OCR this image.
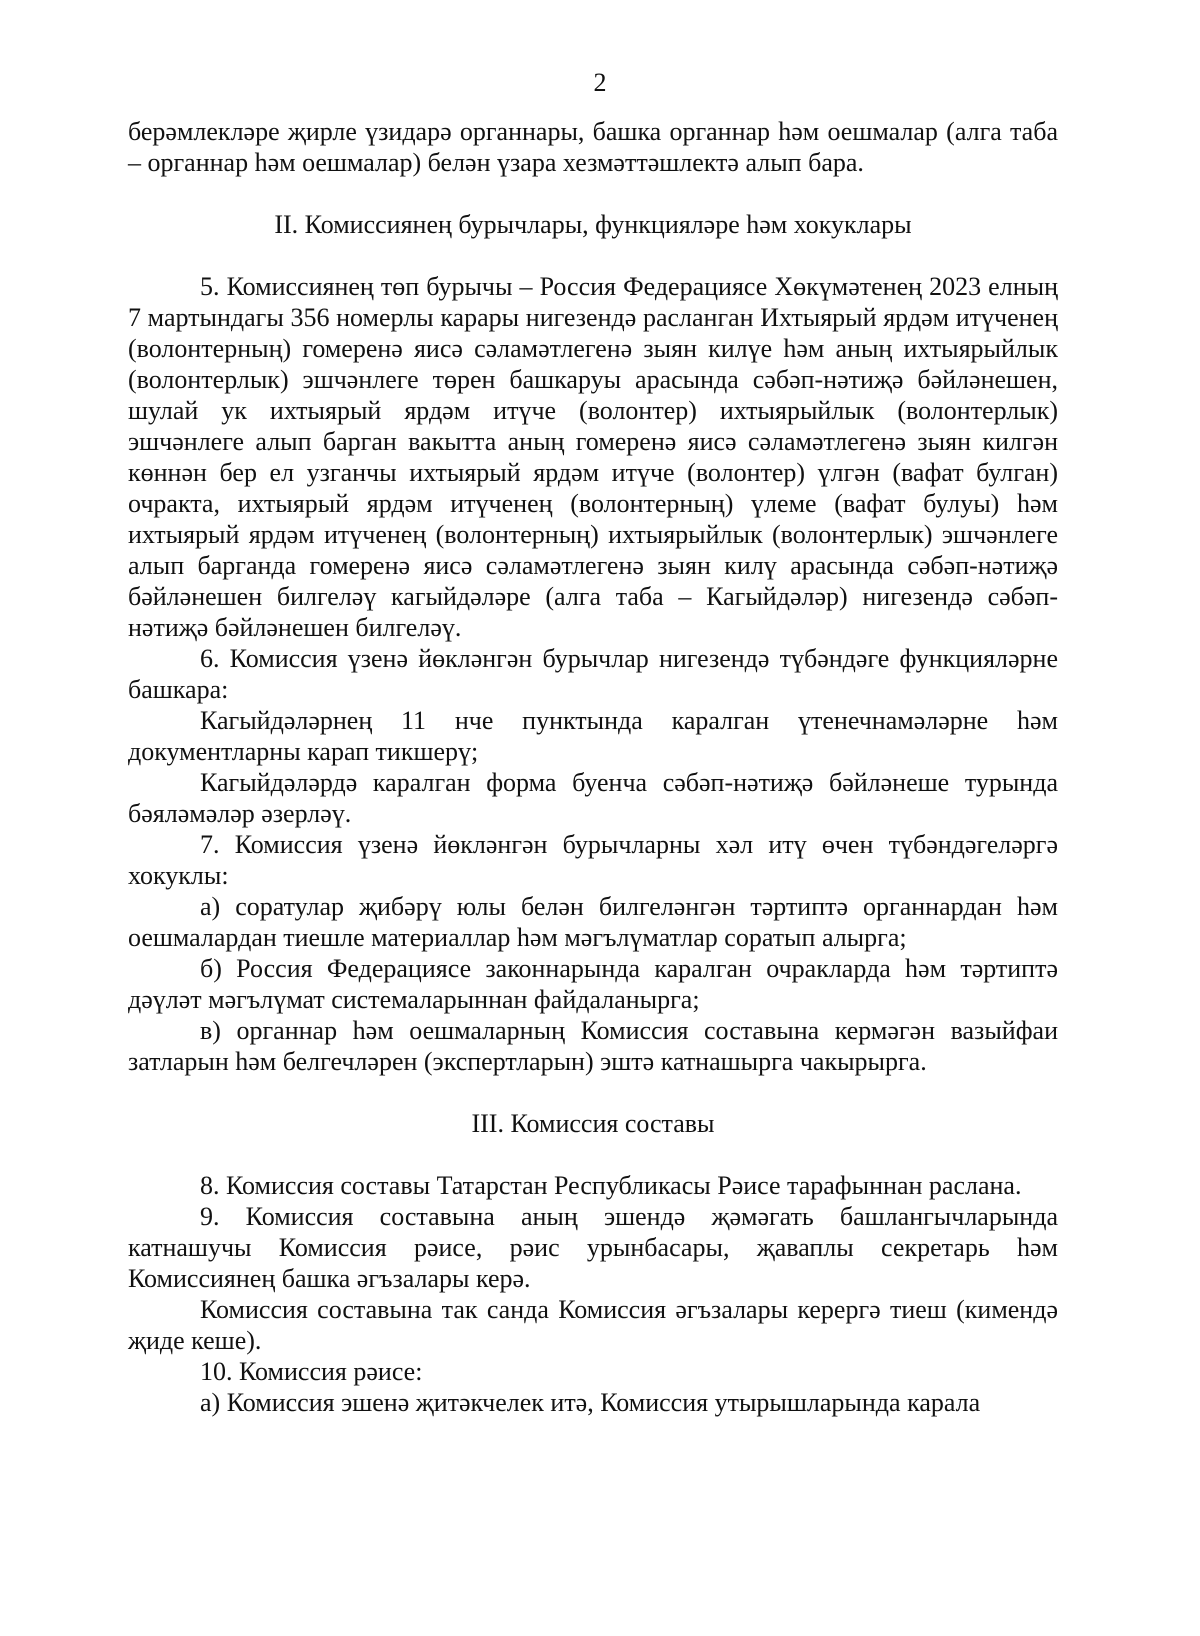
2

берәмлекләре җирле үзидарә органнары, башка органнар һәм оешмалар (алга таба – органнар һәм оешмалар) белән үзара хезмәттәшлектә алып бара.

II. Комиссиянең бурычлары, функцияләре һәм хокуклары

5. Комиссиянең төп бурычы – Россия Федерациясе Хөкүмәтенең 2023 елның 7 мартындагы 356 номерлы карары нигезендә расланган Ихтыярый ярдәм итүченең (волонтерның) гомеренә яисә сәламәтлегенә зыян килүе һәм аның ихтыярыйлык (волонтерлык) эшчәнлеге төрен башкаруы арасында сәбәп-нәтиҗә бәйләнешен, шулай ук ихтыярый ярдәм итүче (волонтер) ихтыярыйлык (волонтерлык) эшчәнлеге алып барган вакытта аның гомеренә яисә сәламәтлегенә зыян килгән көннән бер ел узганчы ихтыярый ярдәм итүче (волонтер) үлгән (вафат булган) очракта, ихтыярый ярдәм итүченең (волонтерның) үлеме (вафат булуы) һәм ихтыярый ярдәм итүченең (волонтерның) ихтыярыйлык (волонтерлык) эшчәнлеге алып барганда гомеренә яисә сәламәтлегенә зыян килү арасында сәбәп-нәтиҗә бәйләнешен билгеләү кагыйдәләре (алга таба – Кагыйдәләр) нигезендә сәбәп-нәтиҗә бәйләнешен билгеләү.

6. Комиссия үзенә йөкләнгән бурычлар нигезендә түбәндәге функцияләрне башкара:

Кагыйдәләрнең 11 нче пунктында каралган үтенечнамәләрне һәм документларны карап тикшерү;

Кагыйдәләрдә каралган форма буенча сәбәп-нәтиҗә бәйләнеше турында бәяләмәләр әзерләү.

7. Комиссия үзенә йөкләнгән бурычларны хәл итү өчен түбәндәгеләргә хокуклы:

а) соратулар җибәрү юлы белән билгеләнгән тәртиптә органнардан һәм оешмалардан тиешле материаллар һәм мәгълүматлар соратып алырга;

б) Россия Федерациясе законнарында каралган очракларда һәм тәртиптә дәүләт мәгълүмат системаларыннан файдаланырга;

в) органнар һәм оешмаларның Комиссия составына кермәгән вазыйфаи затларын һәм белгечләрен (экспертларын) эштә катнашырга чакырырга.

III. Комиссия составы

8. Комиссия составы Татарстан Республикасы Рәисе тарафыннан раслана.

9. Комиссия составына аның эшендә җәмәгать башлангычларында катнашучы Комиссия рәисе, рәис урынбасары, җаваплы секретарь һәм Комиссиянең башка әгъзалары керә.

Комиссия составына так санда Комиссия әгъзалары керергә тиеш (кимендә җиде кеше).

10. Комиссия рәисе:

а) Комиссия эшенә җитәкчелек итә, Комиссия утырышларында карала
